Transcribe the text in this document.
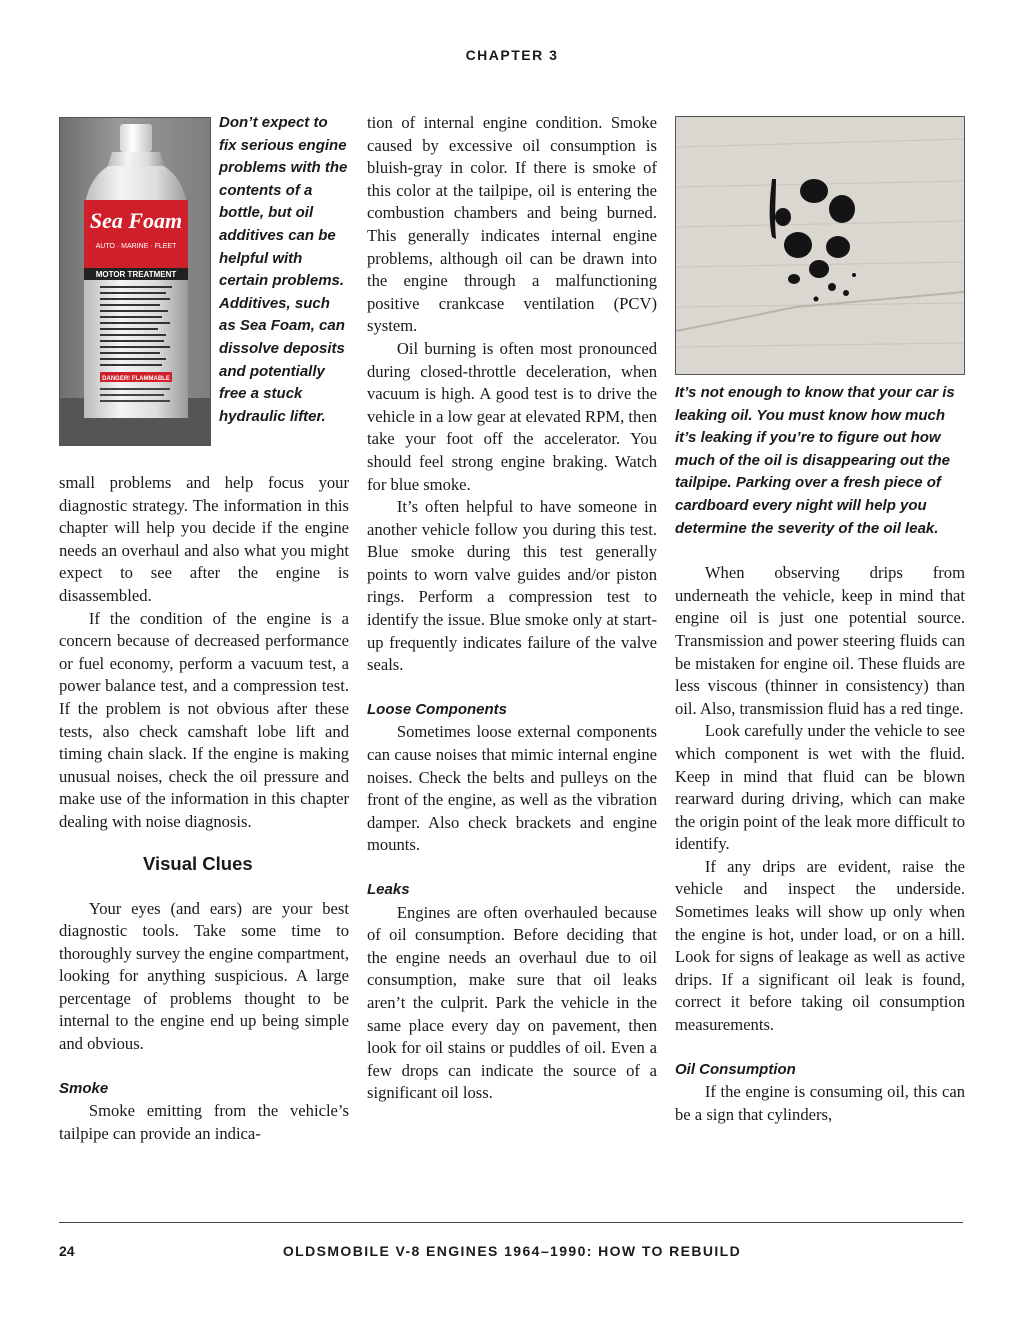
CHAPTER 3
Sea Foam
AUTO · MARINE · FLEET
MOTOR TREATMENT
DANGER! FLAMMABLE
Don’t expect to fix serious engine problems with the contents of a bottle, but oil additives can be helpful with certain problems. Additives, such as Sea Foam, can dissolve deposits and potentially free a stuck hydraulic lifter.

small problems and help focus your diagnostic strategy. The information in this chapter will help you decide if the engine needs an overhaul and also what you might expect to see after the engine is disassembled.

If the condition of the engine is a concern because of decreased performance or fuel economy, perform a vacuum test, a power balance test, and a compression test. If the problem is not obvious after these tests, also check camshaft lobe lift and timing chain slack. If the engine is making unusual noises, check the oil pressure and make use of the information in this chapter dealing with noise diagnosis.

Visual Clues

Your eyes (and ears) are your best diagnostic tools. Take some time to thoroughly survey the engine compartment, looking for anything suspicious. A large percentage of problems thought to be internal to the engine end up being simple and obvious.

Smoke

Smoke emitting from the vehicle’s tailpipe can provide an indica-

tion of internal engine condition. Smoke caused by excessive oil consumption is bluish-gray in color. If there is smoke of this color at the tailpipe, oil is entering the combustion chambers and being burned. This generally indicates internal engine problems, although oil can be drawn into the engine through a malfunctioning positive crankcase ventilation (PCV) system.

Oil burning is often most pronounced during closed-throttle deceleration, when vacuum is high. A good test is to drive the vehicle in a low gear at elevated RPM, then take your foot off the accelerator. You should feel strong engine braking. Watch for blue smoke.

It’s often helpful to have someone in another vehicle follow you during this test. Blue smoke during this test generally points to worn valve guides and/or piston rings. Perform a compression test to identify the issue. Blue smoke only at start-up frequently indicates failure of the valve seals.

Loose Components

Sometimes loose external components can cause noises that mimic internal engine noises. Check the belts and pulleys on the front of the engine, as well as the vibration damper. Also check brackets and engine mounts.

Leaks

Engines are often overhauled because of oil consumption. Before deciding that the engine needs an overhaul due to oil consumption, make sure that oil leaks aren’t the culprit. Park the vehicle in the same place every day on pavement, then look for oil stains or puddles of oil. Even a few drops can indicate the source of a significant oil loss.

It’s not enough to know that your car is leaking oil. You must know how much it’s leaking if you’re to figure out how much of the oil is disappearing out the tailpipe. Parking over a fresh piece of cardboard every night will help you determine the severity of the oil leak.

When observing drips from underneath the vehicle, keep in mind that engine oil is just one potential source. Transmission and power steering fluids can be mistaken for engine oil. These fluids are less viscous (thinner in consistency) than oil. Also, transmission fluid has a red tinge.

Look carefully under the vehicle to see which component is wet with the fluid. Keep in mind that fluid can be blown rearward during driving, which can make the origin point of the leak more difficult to identify.

If any drips are evident, raise the vehicle and inspect the underside. Sometimes leaks will show up only when the engine is hot, under load, or on a hill. Look for signs of leakage as well as active drips. If a significant oil leak is found, correct it before taking oil consumption measurements.

Oil Consumption

If the engine is consuming oil, this can be a sign that cylinders,

OLDSMOBILE V-8 ENGINES 1964–1990: HOW TO REBUILD
24
